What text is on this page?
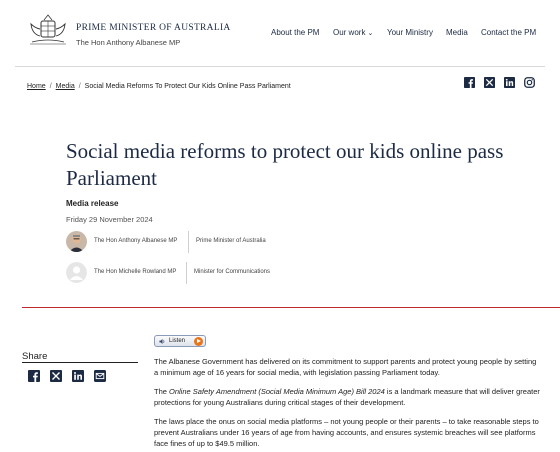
PRIME MINISTER OF AUSTRALIA
The Hon Anthony Albanese MP
About the PM Our work ⌄ Your Ministry Media Contact the PM
Home / Media / Social Media Reforms To Protect Our Kids Online Pass Parliament
Social media reforms to protect our kids online pass Parliament
Media release
Friday 29 November 2024
The Hon Anthony Albanese MP	Prime Minister of Australia
The Hon Michelle Rowland MP	Minister for Communications
Share
Listen

The Albanese Government has delivered on its commitment to support parents and protect young people by setting a minimum age of 16 years for social media, with legislation passing Parliament today.

The Online Safety Amendment (Social Media Minimum Age) Bill 2024 is a landmark measure that will deliver greater protections for young Australians during critical stages of their development.

The laws place the onus on social media platforms – not young people or their parents – to take reasonable steps to prevent Australians under 16 years of age from having accounts, and ensures systemic breaches will see platforms face fines of up to $49.5 million.
